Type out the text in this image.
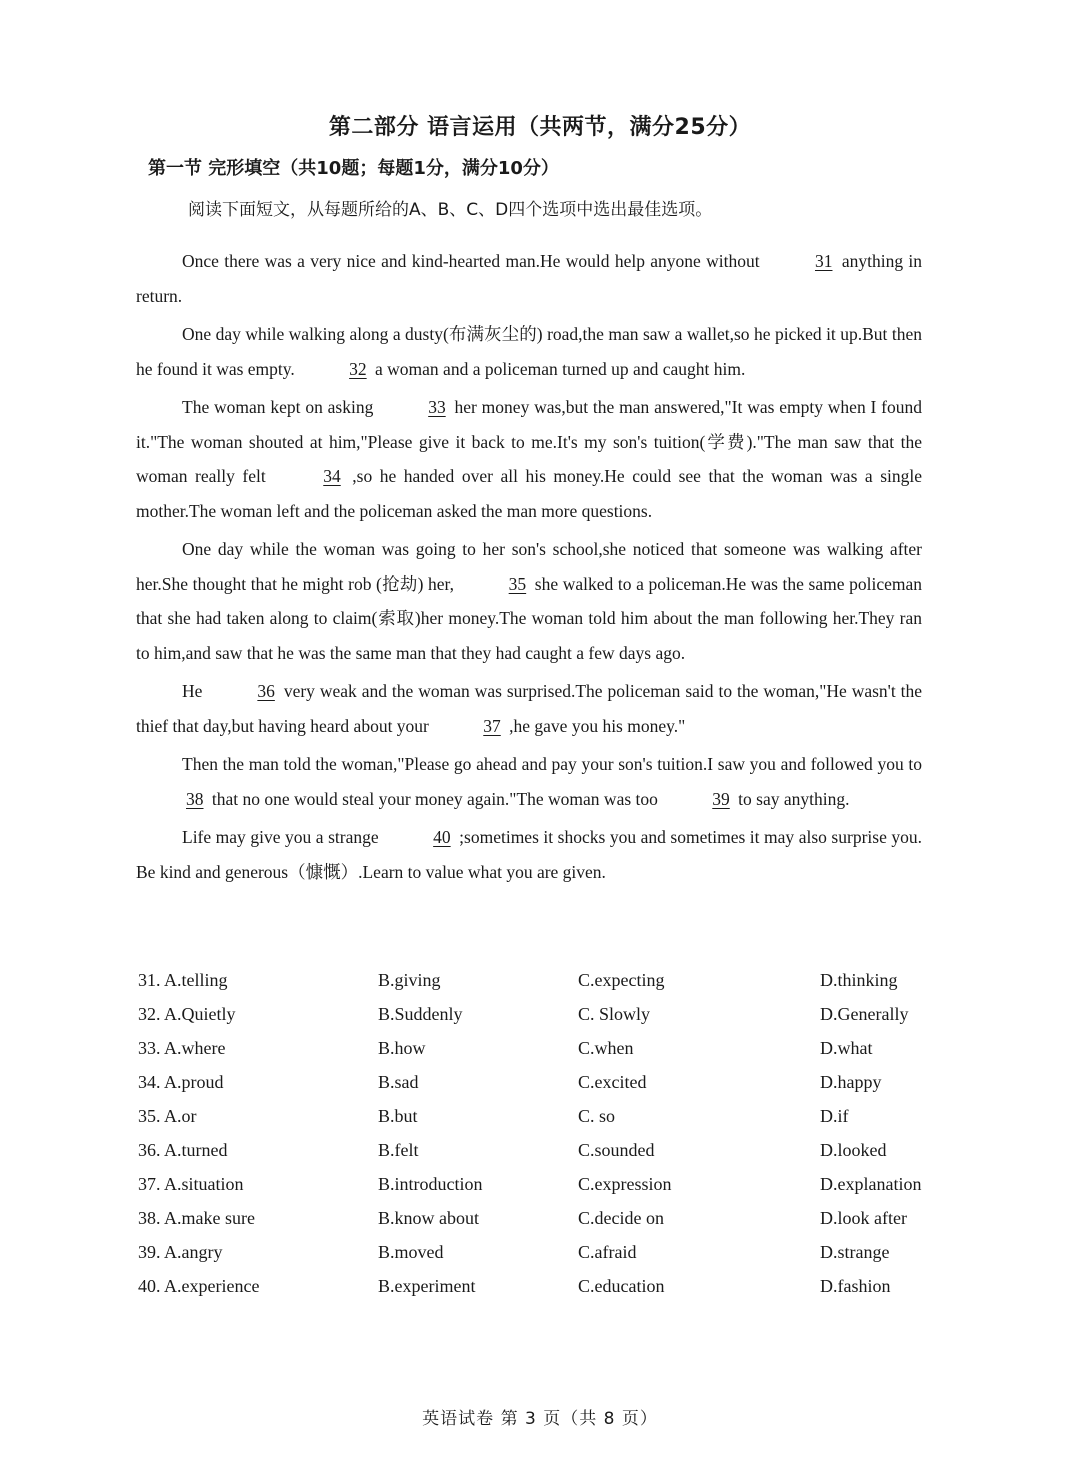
第二部分 语言运用（共两节，满分25分）
第一节 完形填空（共10题；每题1分，满分10分）
阅读下面短文，从每题所给的A、B、C、D四个选项中选出最佳选项。

Once there was a very nice and kind-hearted man.He would help anyone without	31 anything in return.

One day while walking along a dusty(布满灰尘的) road,the man saw a wallet,so he picked it up.But then he found it was empty.	32 a woman and a policeman turned up and caught him.

The woman kept on asking	33 her money was,but the man answered,"It was empty when I found it."The woman shouted at him,"Please give it back to me.It's my son's tuition(学费)."The man saw that the woman really felt	34 ,so he handed over all his money.He could see that the woman was a single mother.The woman left and the policeman asked the man more questions.

One day while the woman was going to her son's school,she noticed that someone was walking after her.She thought that he might rob (抢劫) her,	35 she walked to a policeman.He was the same policeman that she had taken along to claim(索取)her money.The woman told him about the man following her.They ran to him,and saw that he was the same man that they had caught a few days ago.

He	36 very weak and the woman was surprised.The policeman said to the woman,"He wasn't the thief that day,but having heard about your	37 ,he gave you his money."

Then the man told the woman,"Please go ahead and pay your son's tuition.I saw you and followed you to 38 that no one would steal your money again."The woman was too	39 to say anything.

Life may give you a strange	40 ;sometimes it shocks you and sometimes it may also surprise you. Be kind and generous（慷慨）.Learn to value what you are given.

31. A.telling	B.giving	C.expecting	D.thinking
32. A.Quietly	B.Suddenly	C. Slowly	D.Generally
33. A.where	B.how	C.when	D.what
34. A.proud	B.sad	C.excited	D.happy
35. A.or	B.but	C. so	D.if
36. A.turned	B.felt	C.sounded	D.looked
37. A.situation	B.introduction	C.expression	D.explanation
38. A.make sure	B.know about	C.decide on	D.look after
39. A.angry	B.moved	C.afraid	D.strange
40. A.experience	B.experiment	C.education	D.fashion
英语试卷 第 3 页（共 8 页）
